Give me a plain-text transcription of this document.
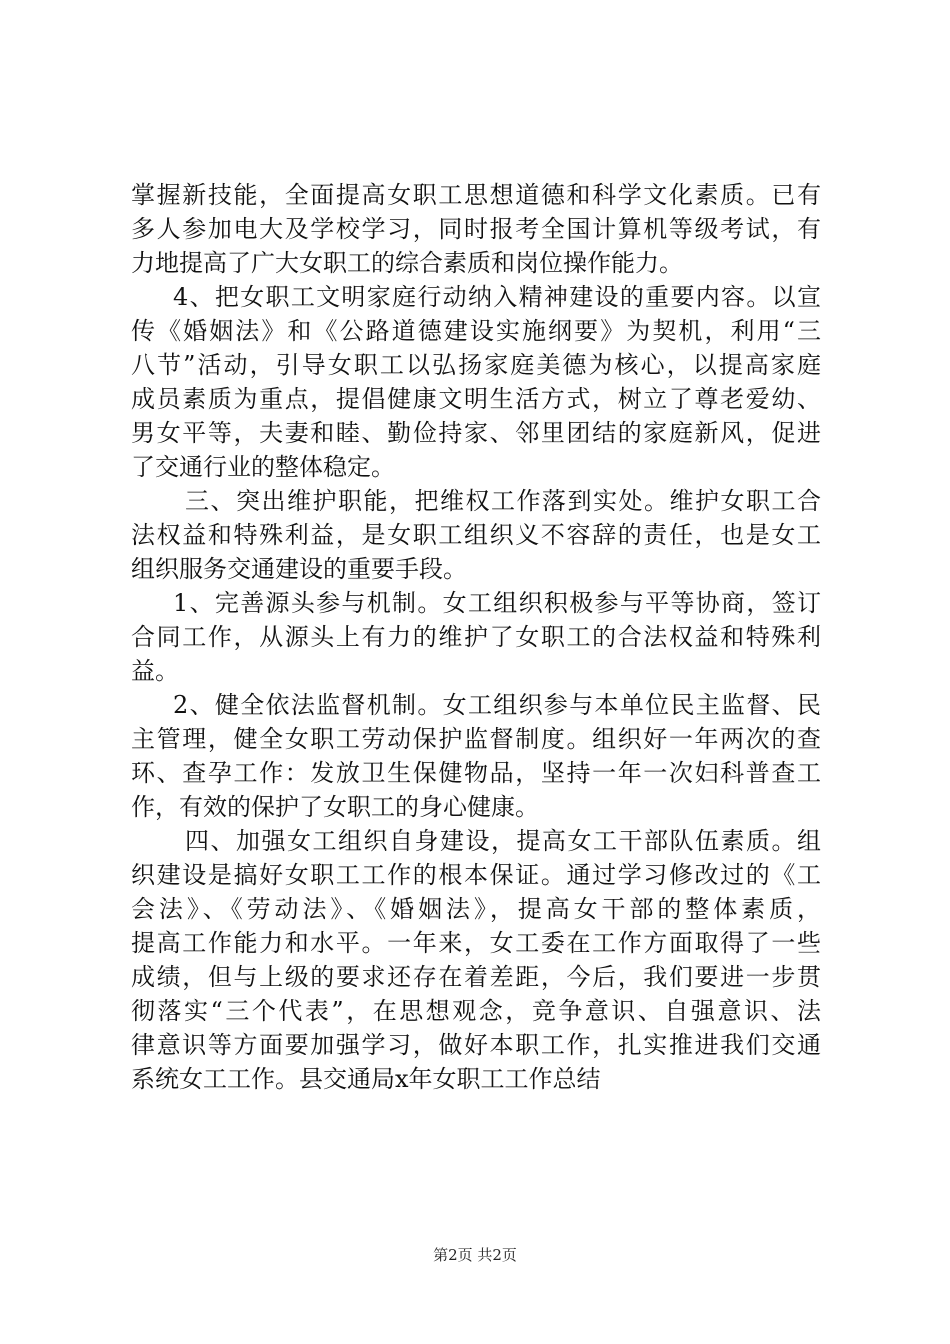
掌握新技能，全面提高女职工思想道德和科学文化素质。已有
多人参加电大及学校学习，同时报考全国计算机等级考试，有
力地提高了广大女职工的综合素质和岗位操作能力。
4、把女职工文明家庭行动纳入精神建设的重要内容。以宣
传《婚姻法》和《公路道德建设实施纲要》为契机，利用“三
八节”活动，引导女职工以弘扬家庭美德为核心，以提高家庭
成员素质为重点，提倡健康文明生活方式，树立了尊老爱幼、
男女平等，夫妻和睦、勤俭持家、邻里团结的家庭新风，促进
了交通行业的整体稳定。
三、突出维护职能，把维权工作落到实处。维护女职工合
法权益和特殊利益，是女职工组织义不容辞的责任，也是女工
组织服务交通建设的重要手段。
1、完善源头参与机制。女工组织积极参与平等协商，签订
合同工作，从源头上有力的维护了女职工的合法权益和特殊利
益。
2、健全依法监督机制。女工组织参与本单位民主监督、民
主管理，健全女职工劳动保护监督制度。组织好一年两次的查
环、查孕工作：发放卫生保健物品，坚持一年一次妇科普查工
作，有效的保护了女职工的身心健康。
四、加强女工组织自身建设，提高女工干部队伍素质。组
织建设是搞好女职工工作的根本保证。通过学习修改过的《工
会法》、《劳动法》、《婚姻法》，提高女干部的整体素质，
提高工作能力和水平。一年来，女工委在工作方面取得了一些
成绩，但与上级的要求还存在着差距，今后，我们要进一步贯
彻落实“三个代表”，在思想观念，竞争意识、自强意识、法
律意识等方面要加强学习，做好本职工作，扎实推进我们交通
系统女工工作。县交通局x年女职工工作总结
第2页 共2页
